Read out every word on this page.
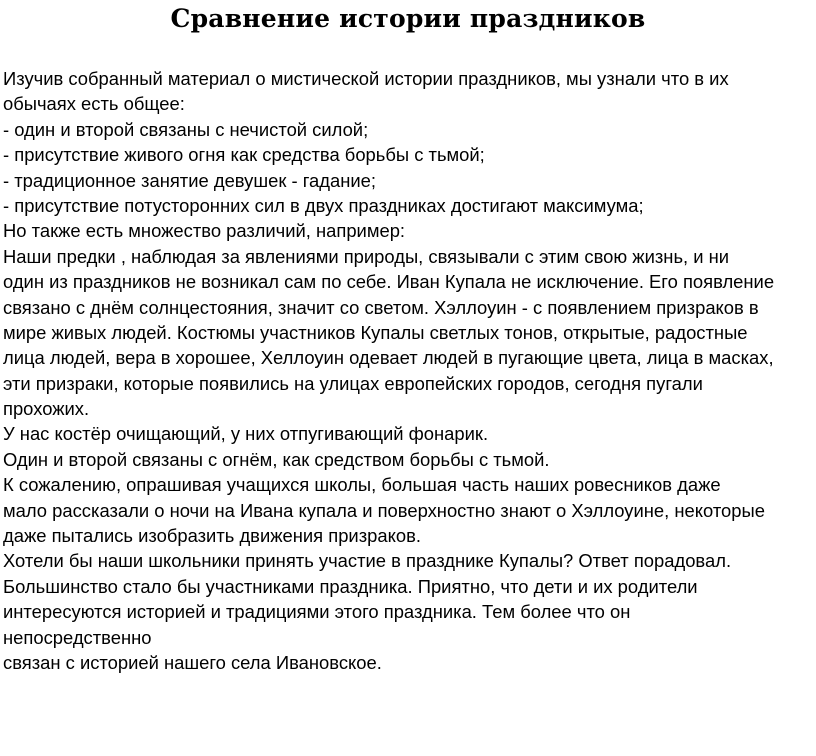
Сравнение истории праздников
Изучив собранный материал о мистической истории праздников, мы узнали что в их
обычаях есть общее:
- один и второй связаны с нечистой силой;
- присутствие живого огня как средства борьбы с тьмой;
- традиционное занятие девушек - гадание;
- присутствие потусторонних сил в двух праздниках достигают максимума;
Но также есть множество различий, например:
Наши предки , наблюдая за явлениями природы, связывали с этим свою жизнь, и ни
один из праздников не возникал сам по себе. Иван Купала не исключение. Его появление
связано с днём солнцестояния, значит со светом. Хэллоуин - с появлением призраков в
мире живых людей. Костюмы участников Купалы светлых тонов, открытые, радостные
лица людей, вера в хорошее, Хеллоуин одевает людей в пугающие цвета, лица в масках,
эти призраки, которые появились на улицах европейских городов, сегодня пугали
прохожих.
У нас костёр очищающий, у них отпугивающий фонарик.
Один и второй связаны с огнём, как средством борьбы с тьмой.
К сожалению, опрашивая учащихся школы, большая часть наших ровесников даже
мало рассказали о ночи на Ивана купала и поверхностно знают о Хэллоуине, некоторые
даже пытались изобразить движения призраков.
Хотели бы наши школьники принять участие в празднике Купалы? Ответ порадовал.
Большинство стало бы участниками праздника. Приятно, что дети и их родители
интересуются историей и традициями этого праздника. Тем более что он
непосредственно
связан с историей нашего села Ивановское.
